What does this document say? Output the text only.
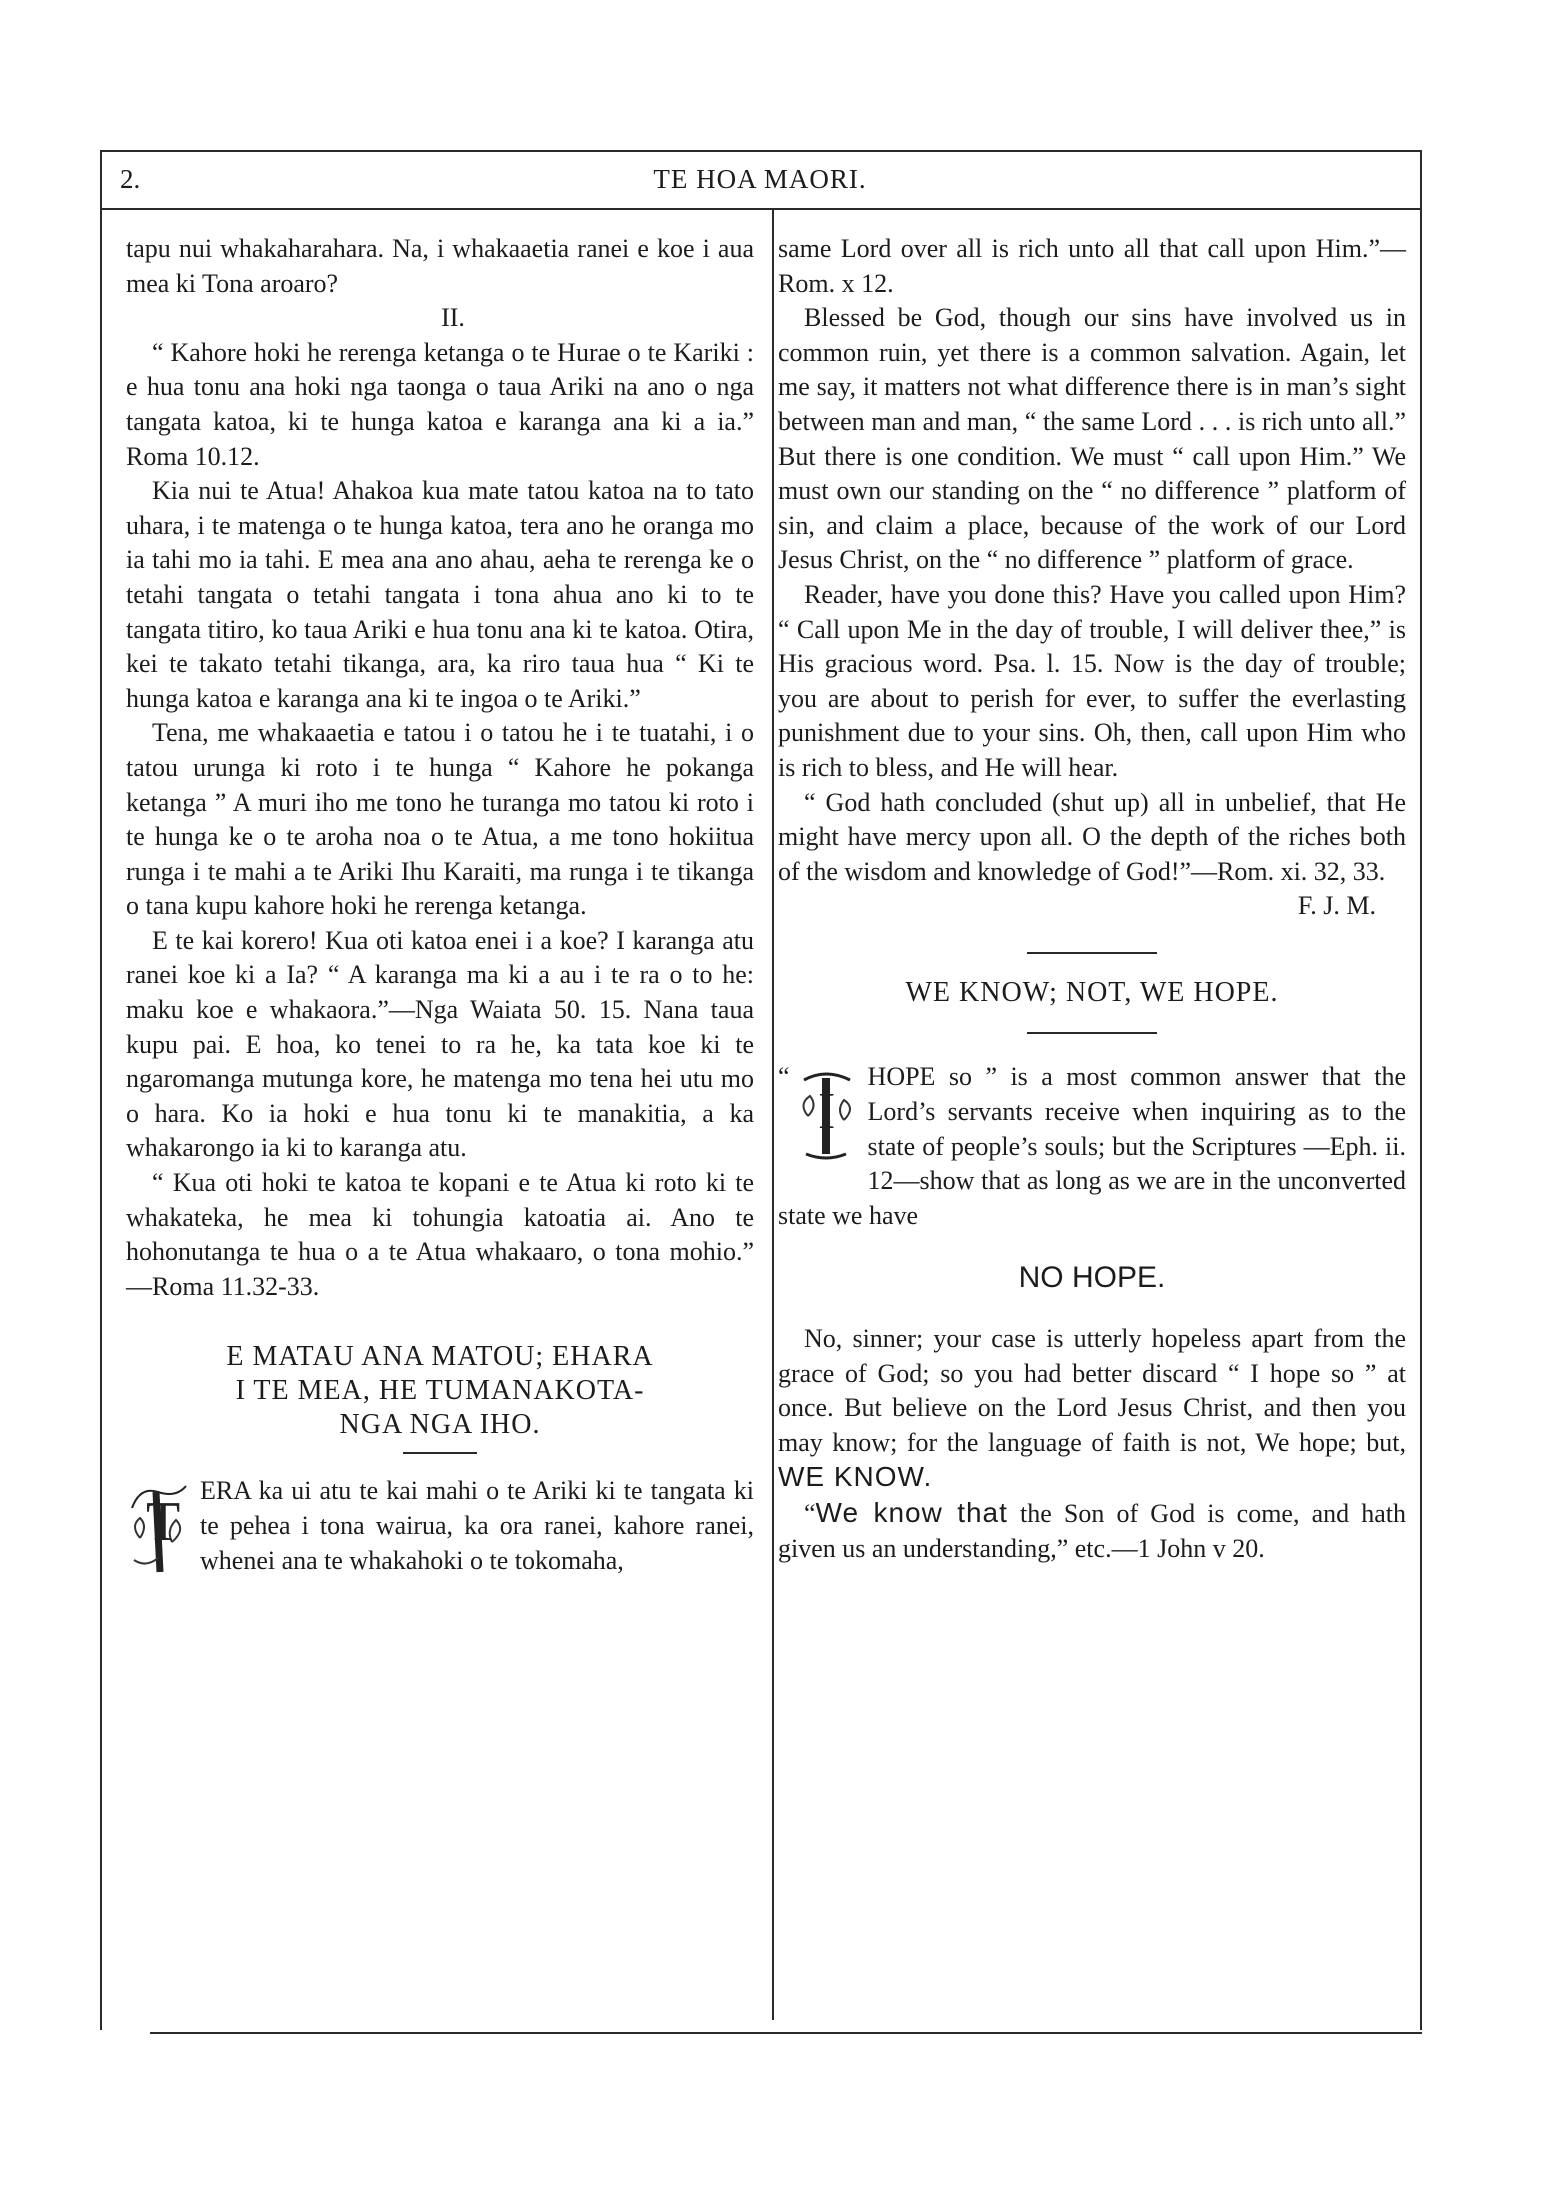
2.	TE HOA MAORI.

tapu nui whakaharahara. Na, i whakaaetia ranei e koe i aua mea ki Tona aroaro?

II.

“ Kahore hoki he rerenga ketanga o te Hurae o te Kariki : e hua tonu ana hoki nga taonga o taua Ariki na ano o nga tangata katoa, ki te hunga katoa e karanga ana ki a ia.” Roma 10.12.

Kia nui te Atua! Ahakoa kua mate tatou katoa na to tato uhara, i te matenga o te hunga katoa, tera ano he oranga mo ia tahi mo ia tahi. E mea ana ano ahau, aeha te rerenga ke o tetahi tangata o tetahi tangata i tona ahua ano ki to te tangata titiro, ko taua Ariki e hua tonu ana ki te katoa. Otira, kei te takato tetahi tikanga, ara, ka riro taua hua “ Ki te hunga katoa e karanga ana ki te ingoa o te Ariki.”

Tena, me whakaaetia e tatou i o tatou he i te tuatahi, i o tatou urunga ki roto i te hunga “ Kahore he pokanga ketanga ” A muri iho me tono he turanga mo tatou ki roto i te hunga ke o te aroha noa o te Atua, a me tono hokiitua runga i te mahi a te Ariki Ihu Karaiti, ma runga i te tikanga o tana kupu kahore hoki he rerenga ketanga.

E te kai korero! Kua oti katoa enei i a koe? I karanga atu ranei koe ki a Ia? “ A karanga ma ki a au i te ra o to he: maku koe e whakaora.”—Nga Waiata 50. 15. Nana taua kupu pai. E hoa, ko tenei to ra he, ka tata koe ki te ngaromanga mutunga kore, he matenga mo tena hei utu mo o hara. Ko ia hoki e hua tonu ki te manakitia, a ka whakarongo ia ki to karanga atu.

“ Kua oti hoki te katoa te kopani e te Atua ki roto ki te whakateka, he mea ki tohungia katoatia ai. Ano te hohonutanga te hua o a te Atua whakaaro, o tona mohio.” —Roma 11.32-33.

E MATAU ANA MATOU; EHARA
I TE MEA, HE TUMANAKOTA-
NGA NGA IHO.
T

ERA ka ui atu te kai mahi o te Ariki ki te tangata ki te pehea i tona wairua, ka ora ranei, kahore ranei, whenei ana te whakahoki o te tokomaha,

same Lord over all is rich unto all that call upon Him.”—Rom. x 12.

Blessed be God, though our sins have involved us in common ruin, yet there is a common salvation. Again, let me say, it matters not what difference there is in man’s sight between man and man, “ the same Lord . . . is rich unto all.” But there is one condition. We must “ call upon Him.” We must own our standing on the “ no difference ” platform of sin, and claim a place, because of the work of our Lord Jesus Christ, on the “ no difference ” platform of grace.

Reader, have you done this? Have you called upon Him? “ Call upon Me in the day of trouble, I will deliver thee,” is His gracious word. Psa. l. 15. Now is the day of trouble; you are about to perish for ever, to suffer the everlasting punishment due to your sins. Oh, then, call upon Him who is rich to bless, and He will hear.

“ God hath concluded (shut up) all in unbelief, that He might have mercy upon all. O the depth of the riches both of the wisdom and knowledge of God!”—Rom. xi. 32, 33.

F. J. M.

WE KNOW; NOT, WE HOPE.
“
I

HOPE so ” is a most common answer that the Lord’s servants receive when inquiring as to the state of people’s souls; but the Scriptures —Eph. ii. 12—show that as long as we are in the unconverted state we have

NO HOPE.

No, sinner; your case is utterly hopeless apart from the grace of God; so you had better discard “ I hope so ” at once. But believe on the Lord Jesus Christ, and then you may know; for the language of faith is not, We hope; but, WE KNOW.

“We know that the Son of God is come, and hath given us an understanding,” etc.—1 John v 20.
